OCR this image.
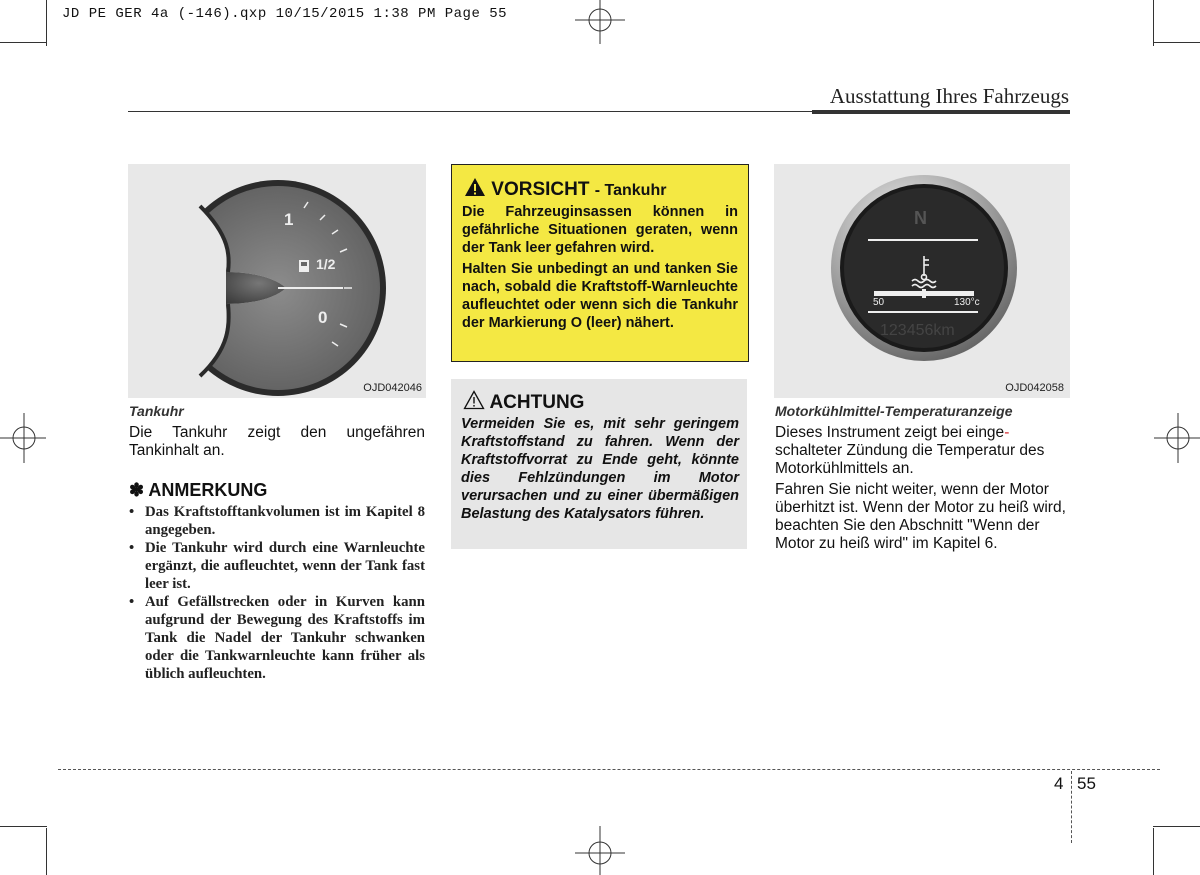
JD PE GER 4a (-146).qxp 10/15/2015 1:38 PM Page 55
Ausstattung Ihres Fahrzeugs
1
1/2
0
OJD042046
Tankuhr
Die Tankuhr zeigt den ungefähren Tankinhalt an.
✽ ANMERKUNG
• Das Kraftstofftankvolumen ist im Kapitel 8 angegeben.
• Die Tankuhr wird durch eine Warnleuchte ergänzt, die aufleuchtet, wenn der Tank fast leer ist.
• Auf Gefällstrecken oder in Kurven kann aufgrund der Bewegung des Kraftstoffs im Tank die Nadel der Tankuhr schwanken oder die Tankwarnleuchte kann früher als üblich aufleuchten.
VORSICHT - Tankuhr
Die Fahrzeuginsassen können in gefährliche Situationen geraten, wenn der Tank leer gefahren wird.
Halten Sie unbedingt an und tanken Sie nach, sobald die Kraftstoff-Warnleuchte aufleuchtet oder wenn sich die Tankuhr der Markierung O (leer) nähert.
ACHTUNG
Vermeiden Sie es, mit sehr geringem Kraftstoffstand zu fahren. Wenn der Kraftstoffvorrat zu Ende geht, könnte dies Fehlzündungen im Motor verursachen und zu einer übermäßigen Belastung des Katalysators führen.
N
50	130°c
123456km
OJD042058
Motorkühlmittel-Temperaturanzeige
Dieses Instrument zeigt bei einge- schalteter Zündung die Temperatur des Motorkühlmittels an.
Fahren Sie nicht weiter, wenn der Motor überhitzt ist. Wenn der Motor zu heiß wird, beachten Sie den Abschnitt "Wenn der Motor zu heiß wird" im Kapitel 6.
4 55
